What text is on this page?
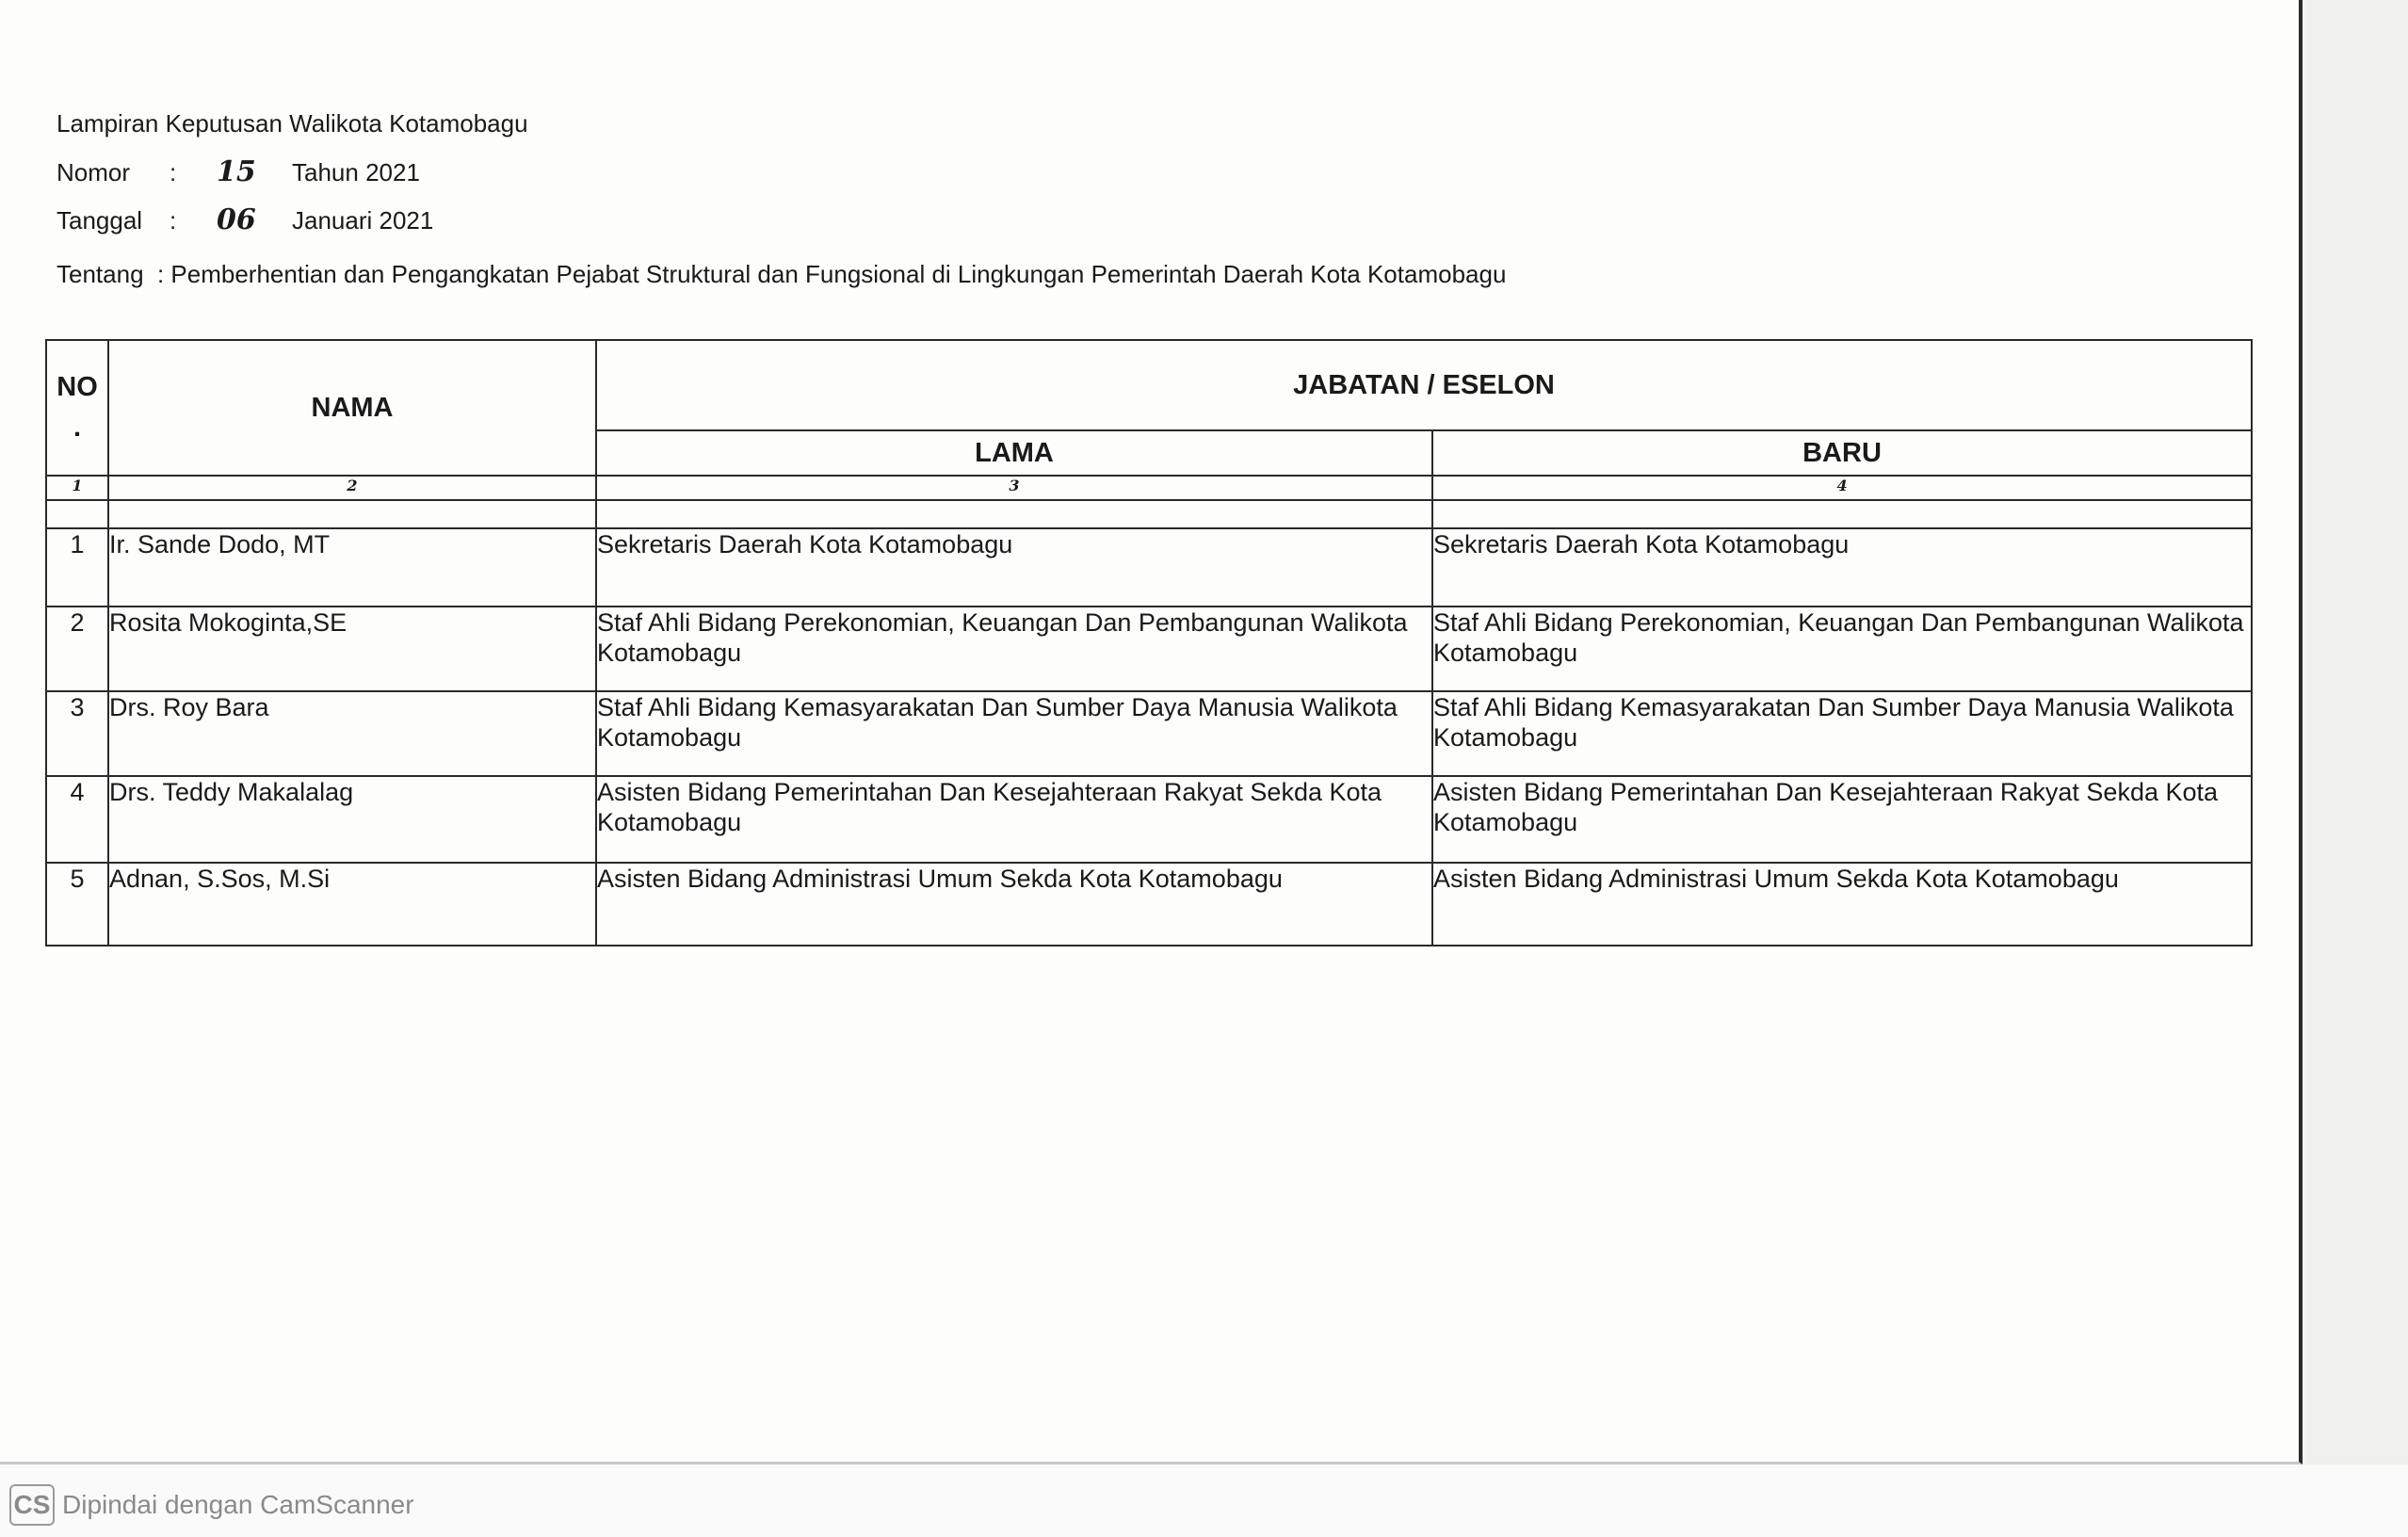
Lampiran Keputusan Walikota Kotamobagu
Nomor : 15 Tahun 2021
Tanggal : 06 Januari 2021
Tentang : Pemberhentian dan Pengangkatan Pejabat Struktural dan Fungsional di Lingkungan Pemerintah Daerah Kota Kotamobagu
NO
.	NAMA	JABATAN / ESELON	
		LAMA	BARU
1	2	3	4

1	Ir. Sande Dodo, MT	Sekretaris Daerah Kota Kotamobagu	Sekretaris Daerah Kota Kotamobagu
2	Rosita Mokoginta,SE	Staf Ahli Bidang Perekonomian, Keuangan Dan Pembangunan Walikota Kotamobagu	Staf Ahli Bidang Perekonomian, Keuangan Dan Pembangunan Walikota Kotamobagu
3	Drs. Roy Bara	Staf Ahli Bidang Kemasyarakatan Dan Sumber Daya Manusia Walikota Kotamobagu	Staf Ahli Bidang Kemasyarakatan Dan Sumber Daya Manusia Walikota Kotamobagu
4	Drs. Teddy Makalalag	Asisten Bidang Pemerintahan Dan Kesejahteraan Rakyat Sekda Kota Kotamobagu	Asisten Bidang Pemerintahan Dan Kesejahteraan Rakyat Sekda Kota Kotamobagu
5	Adnan, S.Sos, M.Si	Asisten Bidang Administrasi Umum Sekda Kota Kotamobagu	Asisten Bidang Administrasi Umum Sekda Kota Kotamobagu
CS Dipindai dengan CamScanner
